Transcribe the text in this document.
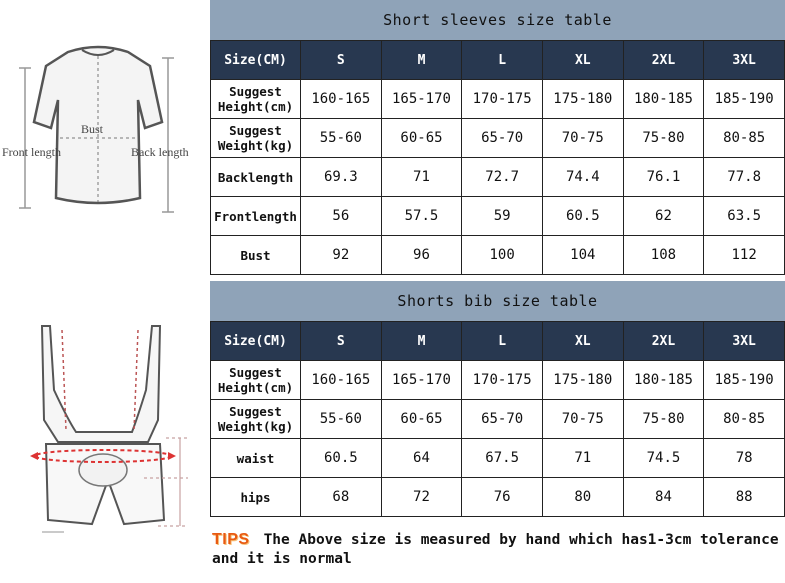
Front length
Bust
Back length
Short sleeves size table
Size(CM)	S	M	L	XL	2XL	3XL
Suggest
Height(cm)	160-165	165-170	170-175	175-180	180-185	185-190
Suggest
Weight(kg)	55-60	60-65	65-70	70-75	75-80	80-85
Backlength	69.3	71	72.7	74.4	76.1	77.8
Frontlength	56	57.5	59	60.5	62	63.5
Bust	92	96	100	104	108	112
Shorts bib size table
Size(CM)	S	M	L	XL	2XL	3XL
Suggest
Height(cm)	160-165	165-170	170-175	175-180	180-185	185-190
Suggest
Weight(kg)	55-60	60-65	65-70	70-75	75-80	80-85
waist	60.5	64	67.5	71	74.5	78
hips	68	72	76	80	84	88
TIPS The Above size is measured by hand which has1-3cm tolerance and it is normal
